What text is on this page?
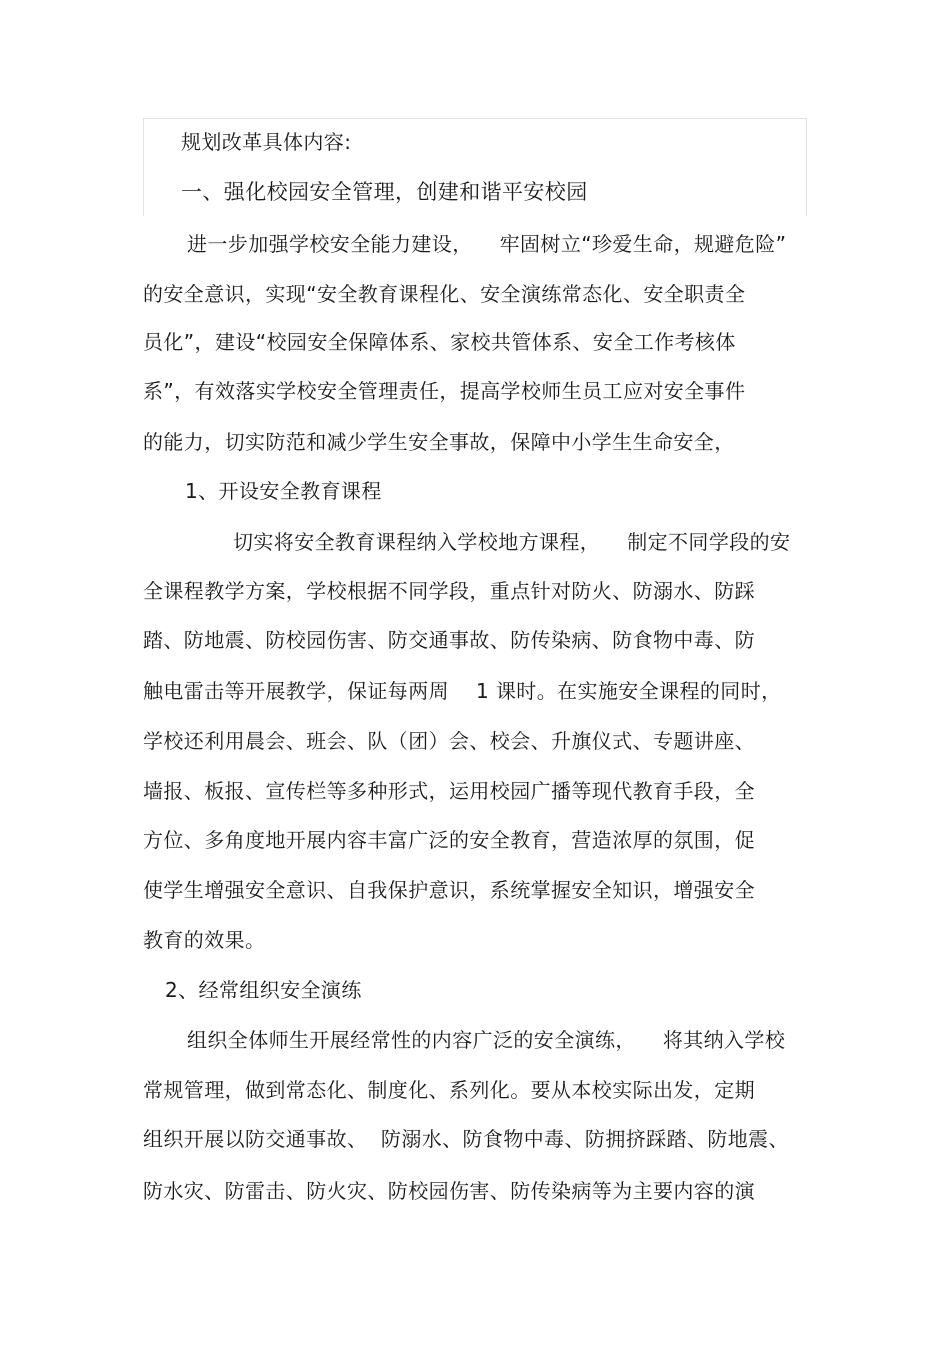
规划改革具体内容:
一、强化校园安全管理，创建和谐平安校园
进一步加强学校安全能力建设，    牢固树立“珍爱生命，规避危险”
的安全意识，实现“安全教育课程化、安全演练常态化、安全职责全
员化”，建设“校园安全保障体系、家校共管体系、安全工作考核体
系”，有效落实学校安全管理责任，提高学校师生员工应对安全事件
的能力，切实防范和减少学生安全事故，保障中小学生生命安全，
1、开设安全教育课程
切实将安全教育课程纳入学校地方课程，    制定不同学段的安
全课程教学方案，学校根据不同学段，重点针对防火、防溺水、防踩
踏、防地震、防校园伤害、防交通事故、防传染病、防食物中毒、防
触电雷击等开展教学，保证每两周    1 课时。在实施安全课程的同时，
学校还利用晨会、班会、队（团）会、校会、升旗仪式、专题讲座、
墙报、板报、宣传栏等多种形式，运用校园广播等现代教育手段，全
方位、多角度地开展内容丰富广泛的安全教育，营造浓厚的氛围，促
使学生增强安全意识、自我保护意识，系统掌握安全知识，增强安全
教育的效果。
2、经常组织安全演练
组织全体师生开展经常性的内容广泛的安全演练，    将其纳入学校
常规管理，做到常态化、制度化、系列化。要从本校实际出发，定期
组织开展以防交通事故、  防溺水、防食物中毒、防拥挤踩踏、防地震、
防水灾、防雷击、防火灾、防校园伤害、防传染病等为主要内容的演
